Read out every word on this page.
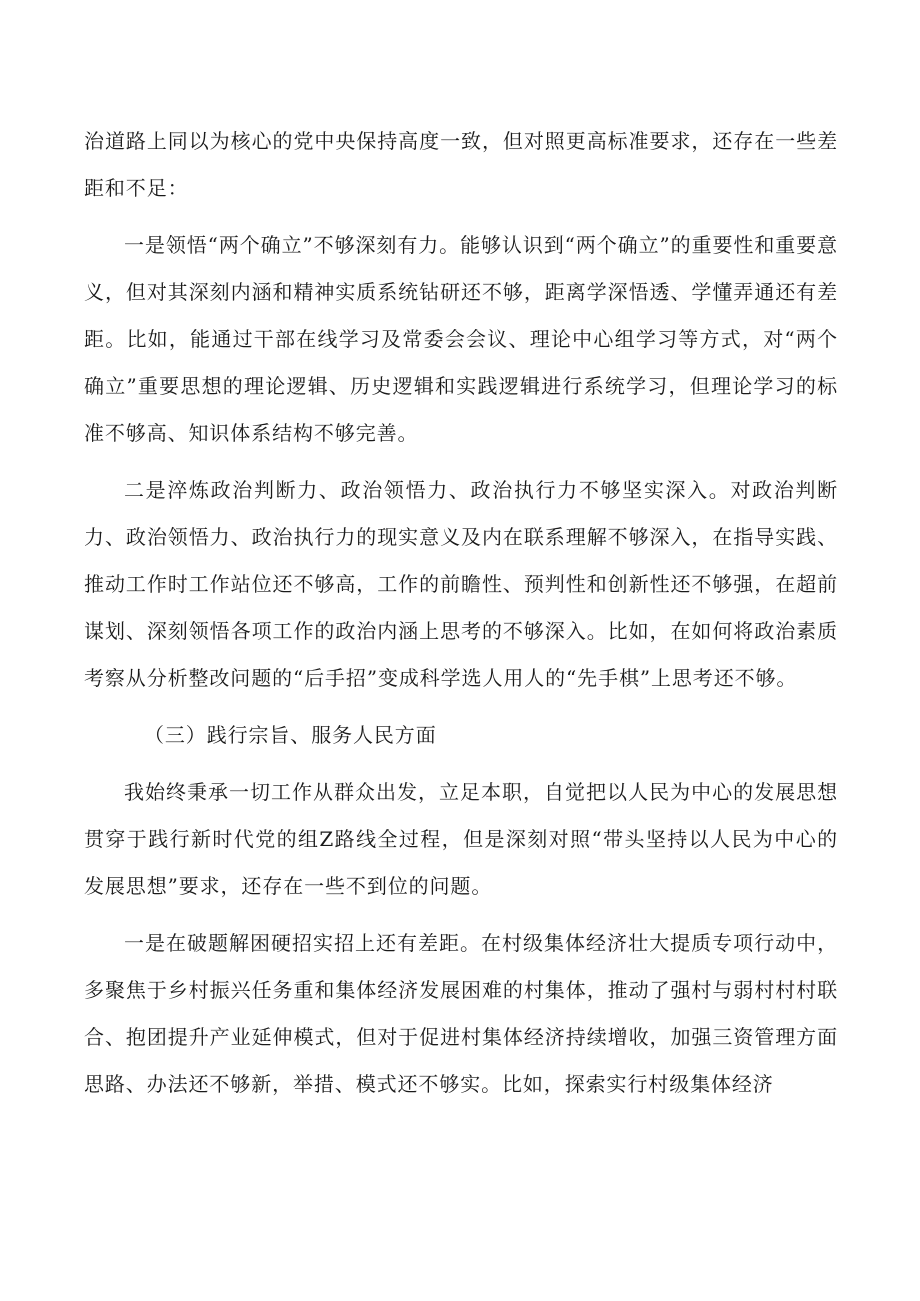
治道路上同以为核心的党中央保持高度一致，但对照更高标准要求，还存在一些差距和不足：

一是领悟“两个确立”不够深刻有力。能够认识到“两个确立”的重要性和重要意义，但对其深刻内涵和精神实质系统钻研还不够，距离学深悟透、学懂弄通还有差距。比如，能通过干部在线学习及常委会会议、理论中心组学习等方式，对“两个确立”重要思想的理论逻辑、历史逻辑和实践逻辑进行系统学习，但理论学习的标准不够高、知识体系结构不够完善。

二是淬炼政治判断力、政治领悟力、政治执行力不够坚实深入。对政治判断力、政治领悟力、政治执行力的现实意义及内在联系理解不够深入，在指导实践、推动工作时工作站位还不够高，工作的前瞻性、预判性和创新性还不够强，在超前谋划、深刻领悟各项工作的政治内涵上思考的不够深入。比如，在如何将政治素质考察从分析整改问题的“后手招”变成科学选人用人的“先手棋”上思考还不够。

（三）践行宗旨、服务人民方面

我始终秉承一切工作从群众出发，立足本职，自觉把以人民为中心的发展思想贯穿于践行新时代党的组Z路线全过程，但是深刻对照“带头坚持以人民为中心的发展思想”要求，还存在一些不到位的问题。

一是在破题解困硬招实招上还有差距。在村级集体经济壮大提质专项行动中，多聚焦于乡村振兴任务重和集体经济发展困难的村集体，推动了强村与弱村村村联合、抱团提升产业延伸模式，但对于促进村集体经济持续增收，加强三资管理方面思路、办法还不够新，举措、模式还不够实。比如，探索实行村级集体经济
